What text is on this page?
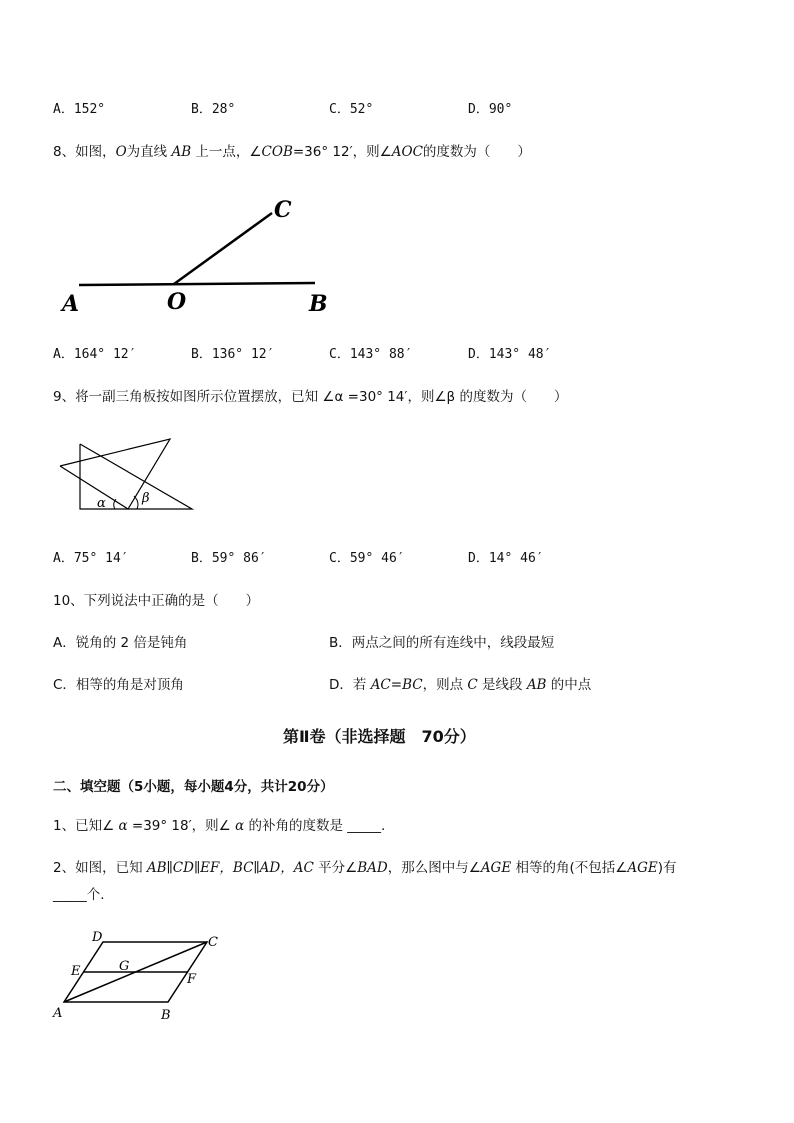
A．152°	B．28°	C．52°	D．90°
8、如图，O为直线 AB 上一点，∠COB=36° 12′，则∠AOC的度数为（　　）
A	O	B
C
A．164° 12′	B．136° 12′	C．143° 88′	D．143° 48′
9、将一副三角板按如图所示位置摆放，已知 ∠α =30° 14′，则∠β 的度数为（　　）
α	β
A．75° 14′	B．59° 86′	C．59° 46′	D．14° 46′
10、下列说法中正确的是（　　）
A．锐角的 2 倍是钝角	B．两点之间的所有连线中，线段最短
C．相等的角是对顶角	D．若 AC=BC，则点 C 是线段 AB 的中点
第Ⅱ卷（非选择题　70分）
二、填空题（5小题，每小题4分，共计20分）
1、已知∠ α =39° 18′，则∠ α 的补角的度数是 _____.
2、如图，已知 AB∥CD∥EF，BC∥AD，AC 平分∠BAD，那么图中与∠AGE 相等的角(不包括∠AGE)有
_____个.
D	C
E	G
F
A	B
